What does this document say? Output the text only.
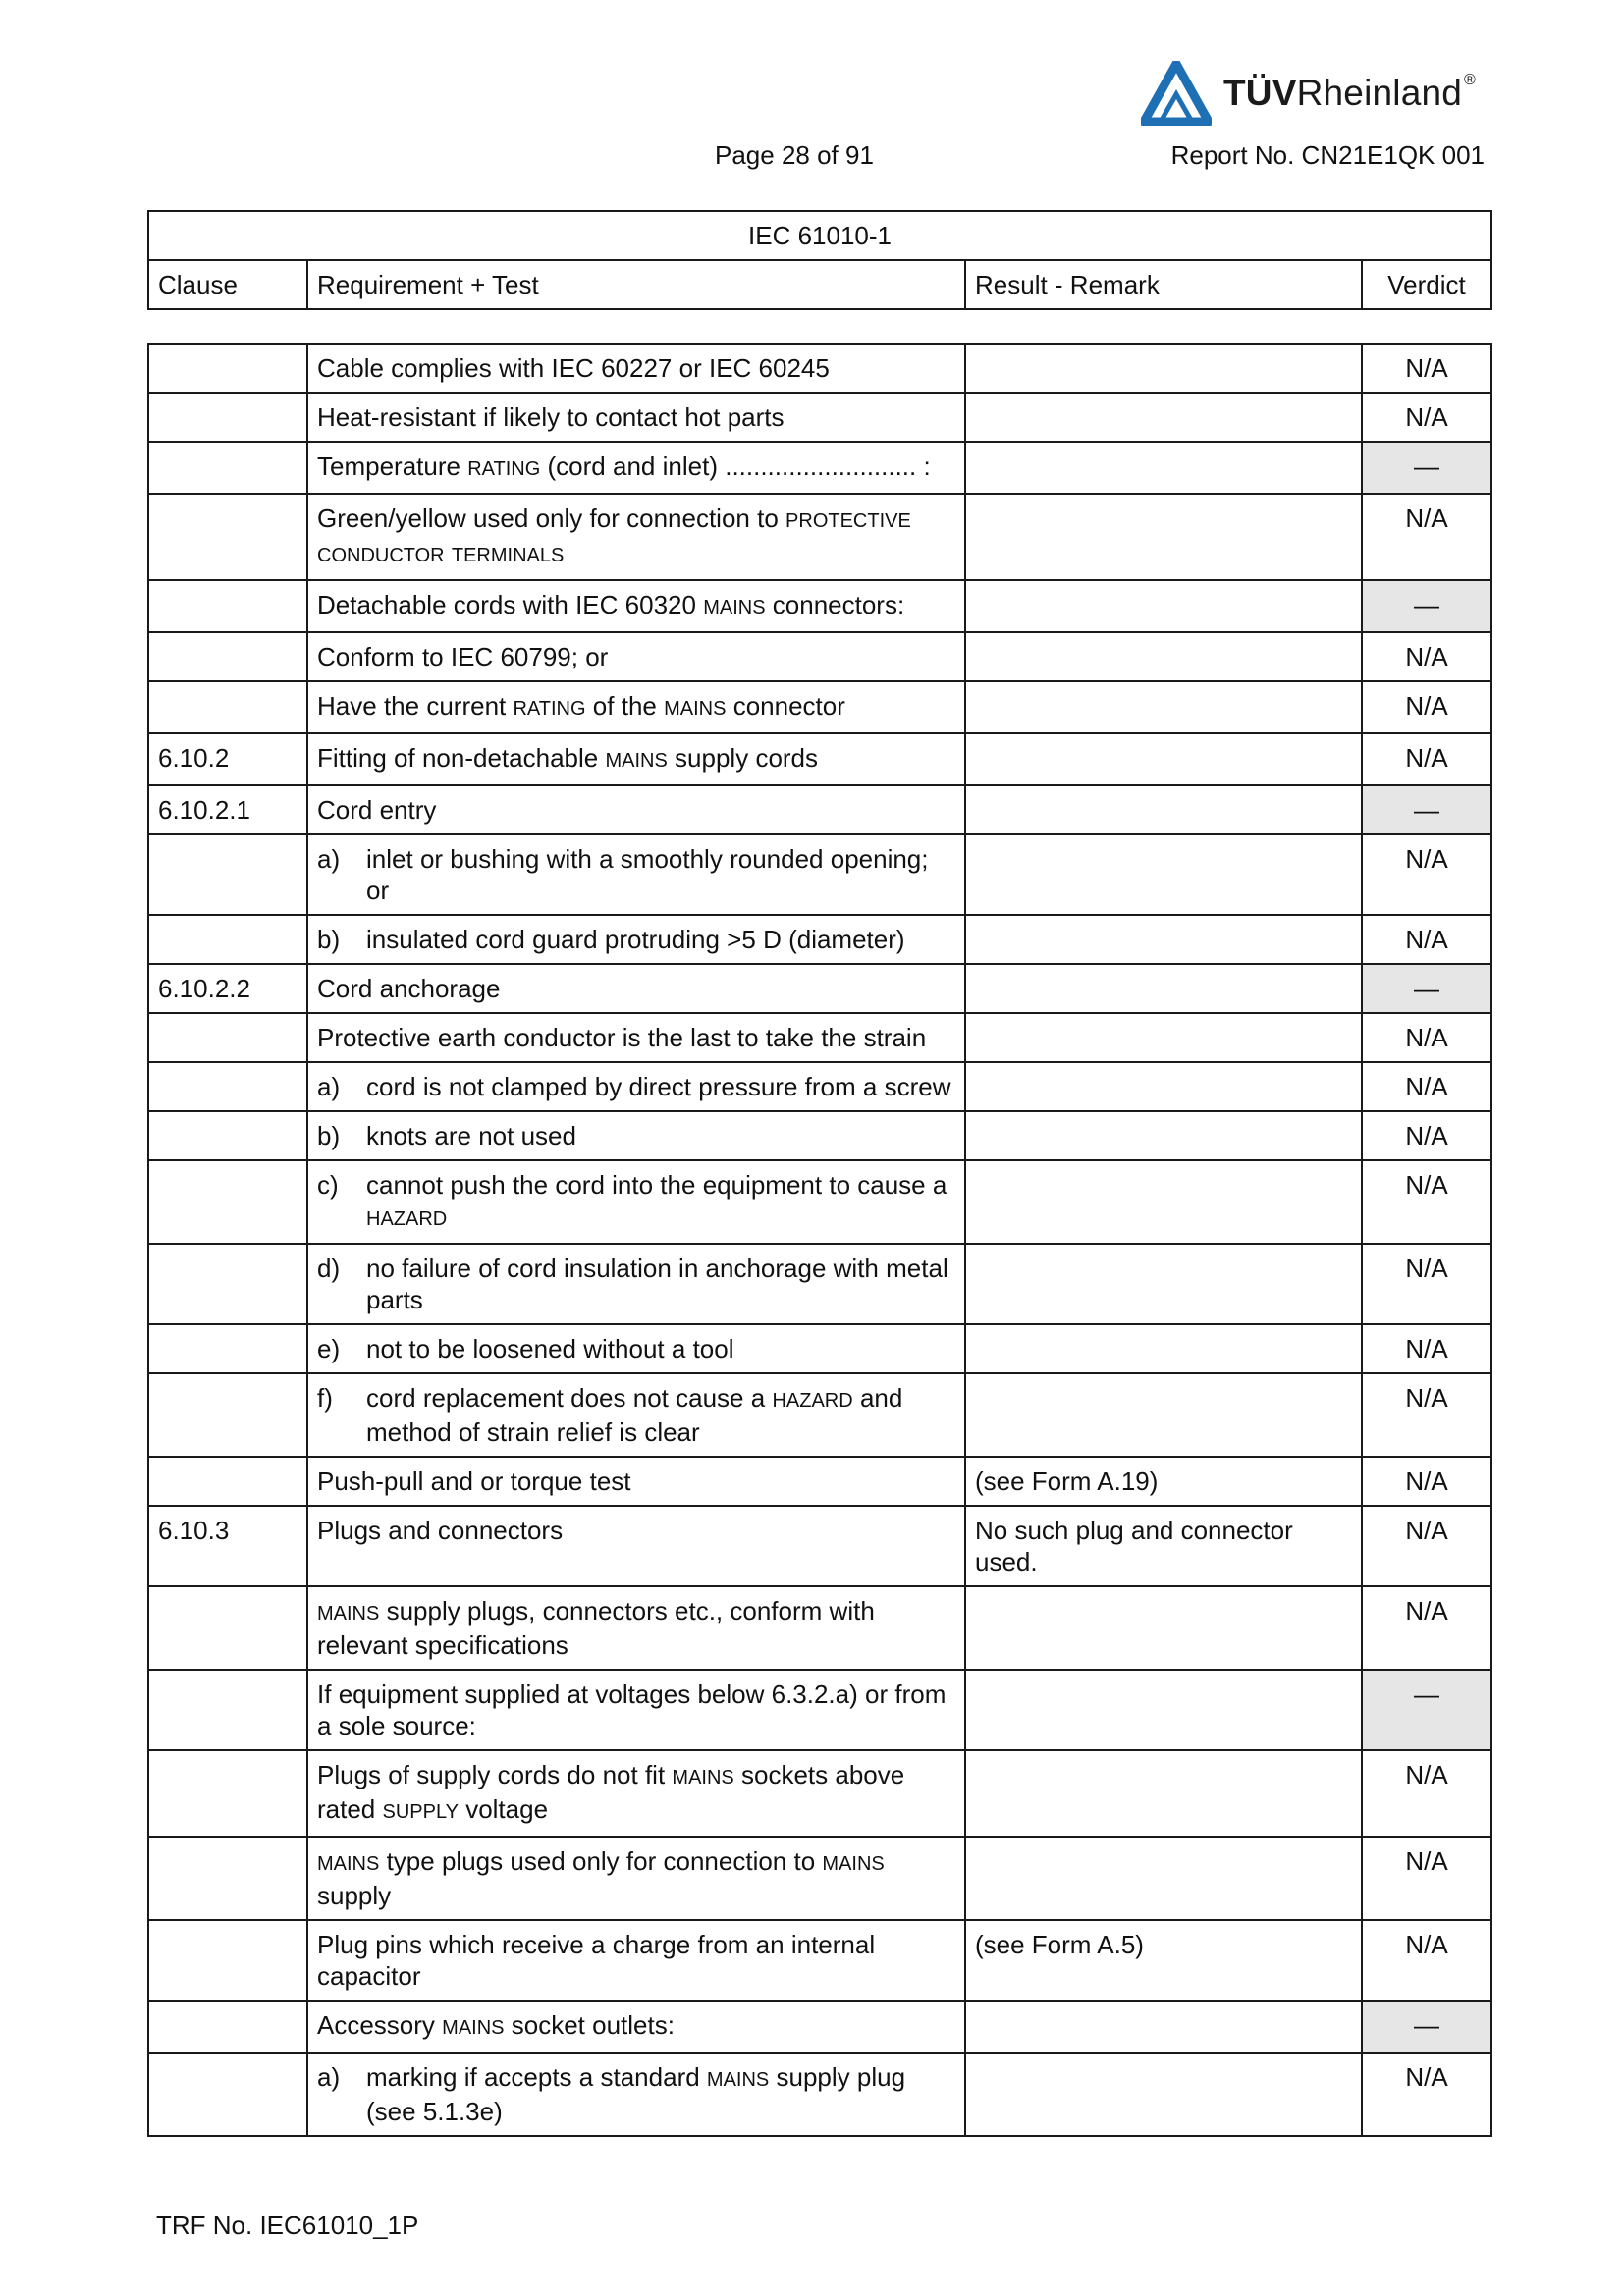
TÜVRheinland ®
Page 28 of 91	Report No. CN21E1QK 001
IEC 61010-1
Clause	Requirement + Test	Result - Remark	Verdict
	Cable complies with IEC 60227 or IEC 60245		N/A
	Heat-resistant if likely to contact hot parts		N/A
	Temperature RATING (cord and inlet) ........................... :		—
	Green/yellow used only for connection to PROTECTIVE CONDUCTOR TERMINALS		N/A
	Detachable cords with IEC 60320 MAINS connectors:		—
	Conform to IEC 60799; or		N/A
	Have the current RATING of the MAINS connector		N/A
6.10.2	Fitting of non-detachable MAINS supply cords		N/A
6.10.2.1	Cord entry		—

	a) inlet or bushing with a smoothly rounded opening; or		N/A

	b) insulated cord guard protruding >5 D (diameter)		N/A
6.10.2.2	Cord anchorage		—
	Protective earth conductor is the last to take the strain		N/A

	a) cord is not clamped by direct pressure from a screw		N/A

	b) knots are not used		N/A

	c) cannot push the cord into the equipment to cause a HAZARD		N/A

	d) no failure of cord insulation in anchorage with metal parts		N/A

	e) not to be loosened without a tool		N/A

	f) cord replacement does not cause a HAZARD and method of strain relief is clear		N/A
	Push-pull and or torque test	(see Form A.19)	N/A
6.10.3	Plugs and connectors	No such plug and connector used.	N/A
	MAINS supply plugs, connectors etc., conform with relevant specifications		N/A
	If equipment supplied at voltages below 6.3.2.a) or from a sole source:		—
	Plugs of supply cords do not fit MAINS sockets above rated SUPPLY voltage		N/A
	MAINS type plugs used only for connection to MAINS supply		N/A
	Plug pins which receive a charge from an internal capacitor	(see Form A.5)	N/A
	Accessory MAINS socket outlets:		—

	a) marking if accepts a standard MAINS supply plug (see 5.1.3e)		N/A
TRF No. IEC61010_1P
